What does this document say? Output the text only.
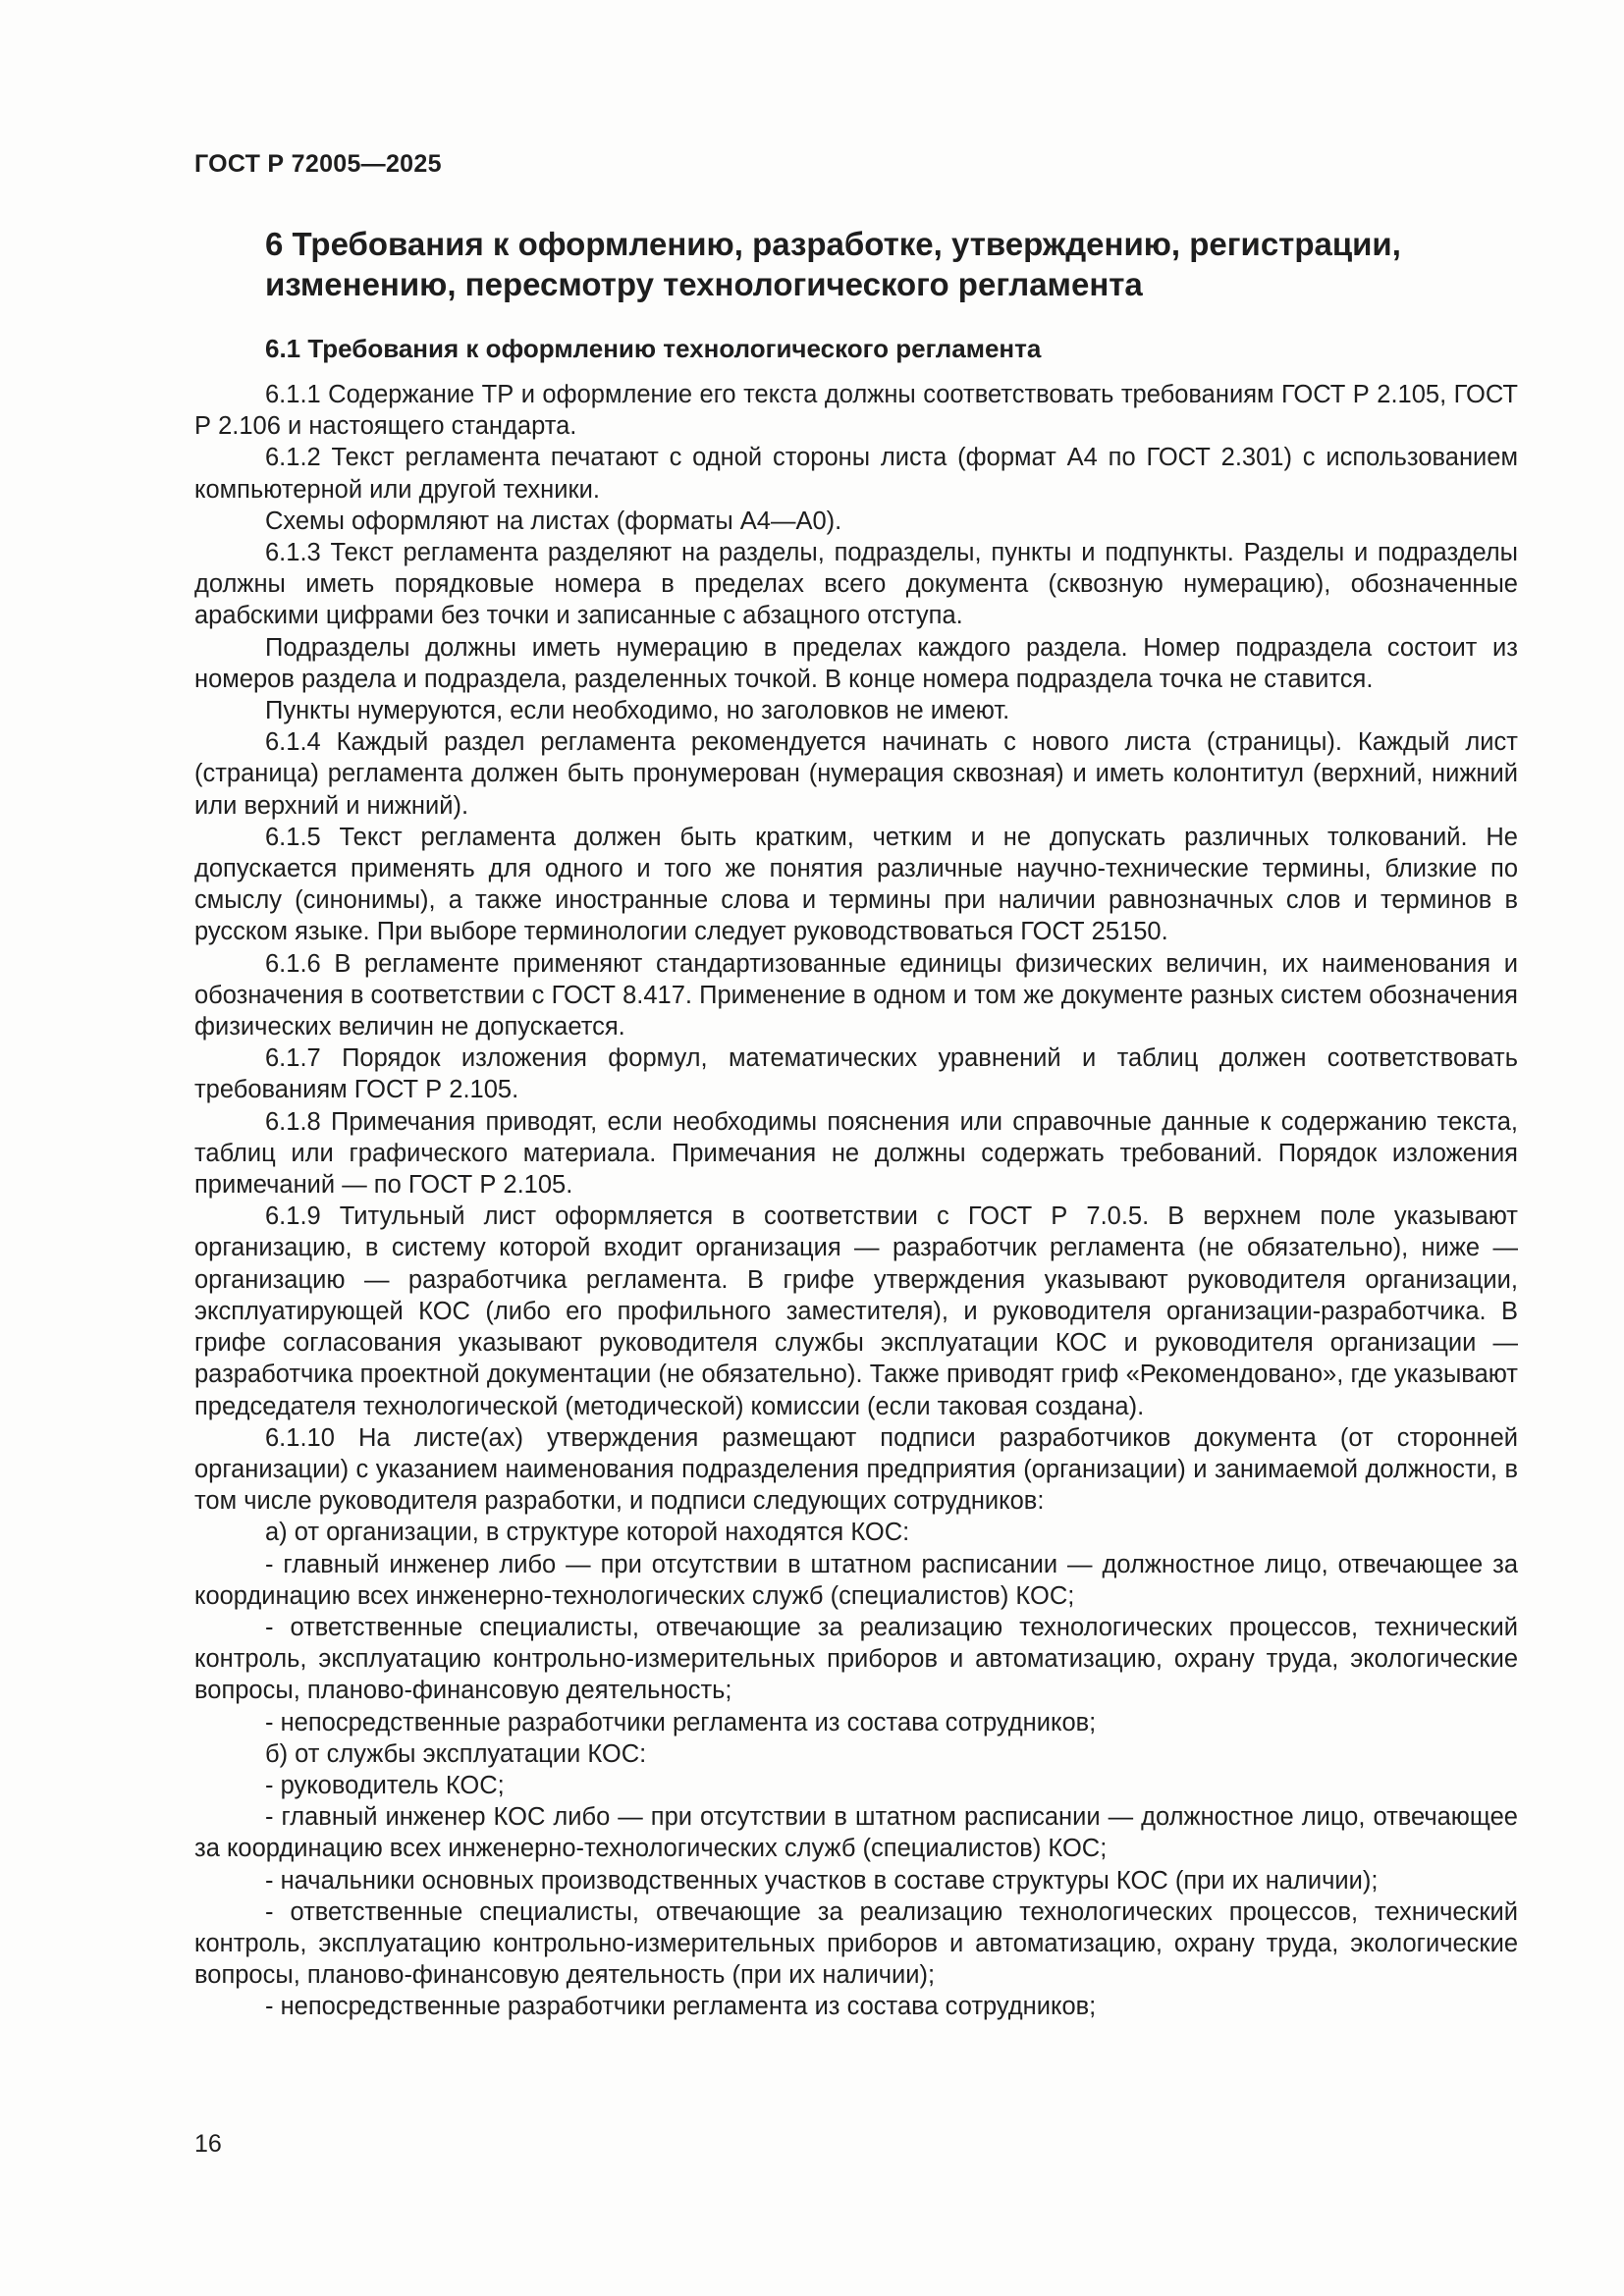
ГОСТ Р 72005—2025
6 Требования к оформлению, разработке, утверждению, регистрации, изменению, пересмотру технологического регламента
6.1 Требования к оформлению технологического регламента

6.1.1 Содержание ТР и оформление его текста должны соответствовать требованиям ГОСТ Р 2.105, ГОСТ Р 2.106 и настоящего стандарта.

6.1.2 Текст регламента печатают с одной стороны листа (формат А4 по ГОСТ 2.301) с использованием компьютерной или другой техники.

Схемы оформляют на листах (форматы А4—А0).

6.1.3 Текст регламента разделяют на разделы, подразделы, пункты и подпункты. Разделы и подразделы должны иметь порядковые номера в пределах всего документа (сквозную нумерацию), обозначенные арабскими цифрами без точки и записанные с абзацного отступа.

Подразделы должны иметь нумерацию в пределах каждого раздела. Номер подраздела состоит из номеров раздела и подраздела, разделенных точкой. В конце номера подраздела точка не ставится.

Пункты нумеруются, если необходимо, но заголовков не имеют.

6.1.4 Каждый раздел регламента рекомендуется начинать с нового листа (страницы). Каждый лист (страница) регламента должен быть пронумерован (нумерация сквозная) и иметь колонтитул (верхний, нижний или верхний и нижний).

6.1.5 Текст регламента должен быть кратким, четким и не допускать различных толкований. Не допускается применять для одного и того же понятия различные научно-технические термины, близкие по смыслу (синонимы), а также иностранные слова и термины при наличии равнозначных слов и терминов в русском языке. При выборе терминологии следует руководствоваться ГОСТ 25150.

6.1.6 В регламенте применяют стандартизованные единицы физических величин, их наименования и обозначения в соответствии с ГОСТ 8.417. Применение в одном и том же документе разных систем обозначения физических величин не допускается.

6.1.7 Порядок изложения формул, математических уравнений и таблиц должен соответствовать требованиям ГОСТ Р 2.105.

6.1.8 Примечания приводят, если необходимы пояснения или справочные данные к содержанию текста, таблиц или графического материала. Примечания не должны содержать требований. Порядок изложения примечаний — по ГОСТ Р 2.105.

6.1.9 Титульный лист оформляется в соответствии с ГОСТ Р 7.0.5. В верхнем поле указывают организацию, в систему которой входит организация — разработчик регламента (не обязательно), ниже — организацию — разработчика регламента. В грифе утверждения указывают руководителя организации, эксплуатирующей КОС (либо его профильного заместителя), и руководителя организации-разработчика. В грифе согласования указывают руководителя службы эксплуатации КОС и руководителя организации — разработчика проектной документации (не обязательно). Также приводят гриф «Рекомендовано», где указывают председателя технологической (методической) комиссии (если таковая создана).

6.1.10 На листе(ах) утверждения размещают подписи разработчиков документа (от сторонней организации) с указанием наименования подразделения предприятия (организации) и занимаемой должности, в том числе руководителя разработки, и подписи следующих сотрудников:

а) от организации, в структуре которой находятся КОС:

- главный инженер либо — при отсутствии в штатном расписании — должностное лицо, отвечающее за координацию всех инженерно-технологических служб (специалистов) КОС;

- ответственные специалисты, отвечающие за реализацию технологических процессов, технический контроль, эксплуатацию контрольно-измерительных приборов и автоматизацию, охрану труда, экологические вопросы, планово-финансовую деятельность;

- непосредственные разработчики регламента из состава сотрудников;

б) от службы эксплуатации КОС:

- руководитель КОС;

- главный инженер КОС либо — при отсутствии в штатном расписании — должностное лицо, отвечающее за координацию всех инженерно-технологических служб (специалистов) КОС;

- начальники основных производственных участков в составе структуры КОС (при их наличии);

- ответственные специалисты, отвечающие за реализацию технологических процессов, технический контроль, эксплуатацию контрольно-измерительных приборов и автоматизацию, охрану труда, экологические вопросы, планово-финансовую деятельность (при их наличии);

- непосредственные разработчики регламента из состава сотрудников;

16
